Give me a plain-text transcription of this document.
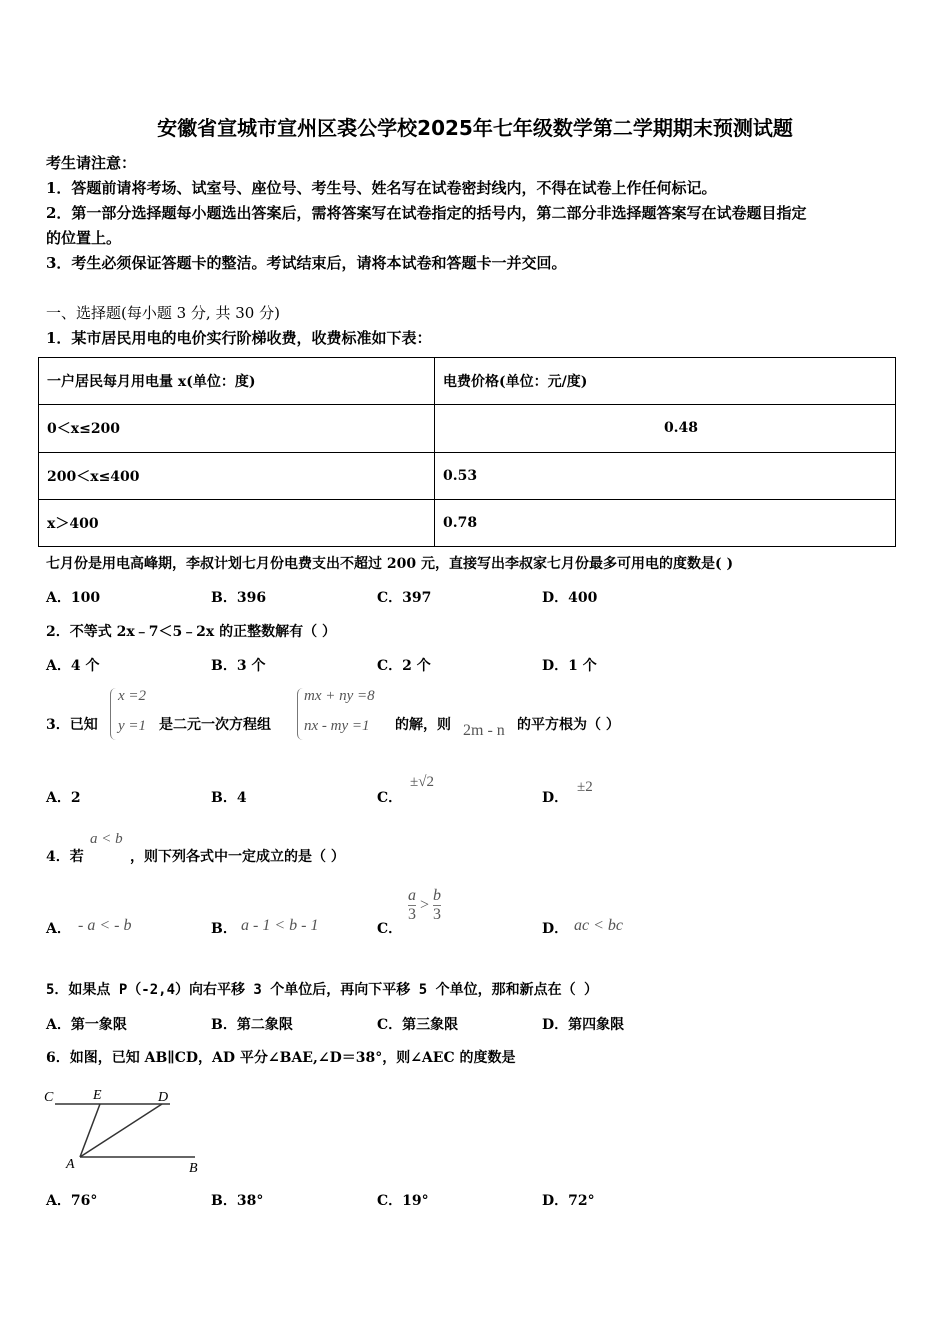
安徽省宣城市宣州区裘公学校2025年七年级数学第二学期期末预测试题
考生请注意：
1．答题前请将考场、试室号、座位号、考生号、姓名写在试卷密封线内，不得在试卷上作任何标记。
2．第一部分选择题每小题选出答案后，需将答案写在试卷指定的括号内，第二部分非选择题答案写在试卷题目指定
的位置上。
3．考生必须保证答题卡的整洁。考试结束后，请将本试卷和答题卡一并交回。
一、选择题(每小题 3 分, 共 30 分)
1．某市居民用电的电价实行阶梯收费，收费标准如下表：
一户居民每月用电量 x(单位：度)	电费价格(单位：元/度)
0＜x≤200	0.48
200＜x≤400	0.53
x＞400	0.78
七月份是用电高峰期，李叔计划七月份电费支出不超过 200 元，直接写出李叔家七月份最多可用电的度数是( )
A．100	B．396	C．397	D．400
2．不等式 2x﹣7＜5﹣2x 的正整数解有（ ）
A．4 个	B．3 个	C．2 个	D．1 个
3．已知
x =2
y =1 是二元一次方程组
mx + ny =8
nx - my =1 的解，则 2m - n 的平方根为（ ）
A．2	B．4	C．
±√2
D．
±2
4．若
a < b
，则下列各式中一定成立的是（ ）
A． - a < - b	B． a - 1 < b - 1	C．
$\frac{a}{3} > \frac{b}{3}$
D． ac < bc
5．如果点 P（-2,4）向右平移 3 个单位后，再向下平移 5 个单位，那和新点在（ ）
A．第一象限	B．第二象限	C．第三象限	D．第四象限
6．如图，已知 AB∥CD，AD 平分∠BAE,∠D＝38°，则∠AEC 的度数是
C	E	D
A	B
A．76°	B．38°	C．19°	D．72°
